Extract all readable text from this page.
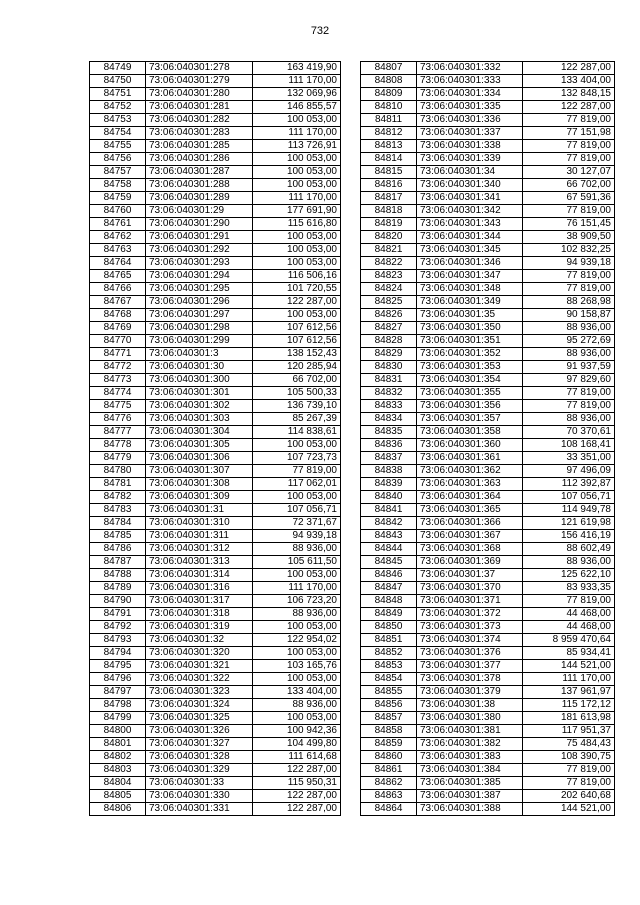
732
84749	73:06:040301:278	163 419,90
84750	73:06:040301:279	111 170,00
84751	73:06:040301:280	132 069,96
84752	73:06:040301:281	146 855,57
84753	73:06:040301:282	100 053,00
84754	73:06:040301:283	111 170,00
84755	73:06:040301:285	113 726,91
84756	73:06:040301:286	100 053,00
84757	73:06:040301:287	100 053,00
84758	73:06:040301:288	100 053,00
84759	73:06:040301:289	111 170,00
84760	73:06:040301:29	177 691,90
84761	73:06:040301:290	115 616,80
84762	73:06:040301:291	100 053,00
84763	73:06:040301:292	100 053,00
84764	73:06:040301:293	100 053,00
84765	73:06:040301:294	116 506,16
84766	73:06:040301:295	101 720,55
84767	73:06:040301:296	122 287,00
84768	73:06:040301:297	100 053,00
84769	73:06:040301:298	107 612,56
84770	73:06:040301:299	107 612,56
84771	73:06:040301:3	138 152,43
84772	73:06:040301:30	120 285,94
84773	73:06:040301:300	66 702,00
84774	73:06:040301:301	105 500,33
84775	73:06:040301:302	136 739,10
84776	73:06:040301:303	85 267,39
84777	73:06:040301:304	114 838,61
84778	73:06:040301:305	100 053,00
84779	73:06:040301:306	107 723,73
84780	73:06:040301:307	77 819,00
84781	73:06:040301:308	117 062,01
84782	73:06:040301:309	100 053,00
84783	73:06:040301:31	107 056,71
84784	73:06:040301:310	72 371,67
84785	73:06:040301:311	94 939,18
84786	73:06:040301:312	88 936,00
84787	73:06:040301:313	105 611,50
84788	73:06:040301:314	100 053,00
84789	73:06:040301:316	111 170,00
84790	73:06:040301:317	106 723,20
84791	73:06:040301:318	88 936,00
84792	73:06:040301:319	100 053,00
84793	73:06:040301:32	122 954,02
84794	73:06:040301:320	100 053,00
84795	73:06:040301:321	103 165,76
84796	73:06:040301:322	100 053,00
84797	73:06:040301:323	133 404,00
84798	73:06:040301:324	88 936,00
84799	73:06:040301:325	100 053,00
84800	73:06:040301:326	100 942,36
84801	73:06:040301:327	104 499,80
84802	73:06:040301:328	111 614,68
84803	73:06:040301:329	122 287,00
84804	73:06:040301:33	115 950,31
84805	73:06:040301:330	122 287,00
84806	73:06:040301:331	122 287,00
84807	73:06:040301:332	122 287,00
84808	73:06:040301:333	133 404,00
84809	73:06:040301:334	132 848,15
84810	73:06:040301:335	122 287,00
84811	73:06:040301:336	77 819,00
84812	73:06:040301:337	77 151,98
84813	73:06:040301:338	77 819,00
84814	73:06:040301:339	77 819,00
84815	73:06:040301:34	30 127,07
84816	73:06:040301:340	66 702,00
84817	73:06:040301:341	67 591,36
84818	73:06:040301:342	77 819,00
84819	73:06:040301:343	76 151,45
84820	73:06:040301:344	38 909,50
84821	73:06:040301:345	102 832,25
84822	73:06:040301:346	94 939,18
84823	73:06:040301:347	77 819,00
84824	73:06:040301:348	77 819,00
84825	73:06:040301:349	88 268,98
84826	73:06:040301:35	90 158,87
84827	73:06:040301:350	88 936,00
84828	73:06:040301:351	95 272,69
84829	73:06:040301:352	88 936,00
84830	73:06:040301:353	91 937,59
84831	73:06:040301:354	97 829,60
84832	73:06:040301:355	77 819,00
84833	73:06:040301:356	77 819,00
84834	73:06:040301:357	88 936,00
84835	73:06:040301:358	70 370,61
84836	73:06:040301:360	108 168,41
84837	73:06:040301:361	33 351,00
84838	73:06:040301:362	97 496,09
84839	73:06:040301:363	112 392,87
84840	73:06:040301:364	107 056,71
84841	73:06:040301:365	114 949,78
84842	73:06:040301:366	121 619,98
84843	73:06:040301:367	156 416,19
84844	73:06:040301:368	88 602,49
84845	73:06:040301:369	88 936,00
84846	73:06:040301:37	125 622,10
84847	73:06:040301:370	83 933,35
84848	73:06:040301:371	77 819,00
84849	73:06:040301:372	44 468,00
84850	73:06:040301:373	44 468,00
84851	73:06:040301:374	8 959 470,64
84852	73:06:040301:376	85 934,41
84853	73:06:040301:377	144 521,00
84854	73:06:040301:378	111 170,00
84855	73:06:040301:379	137 961,97
84856	73:06:040301:38	115 172,12
84857	73:06:040301:380	181 613,98
84858	73:06:040301:381	117 951,37
84859	73:06:040301:382	75 484,43
84860	73:06:040301:383	108 390,75
84861	73:06:040301:384	77 819,00
84862	73:06:040301:385	77 819,00
84863	73:06:040301:387	202 640,68
84864	73:06:040301:388	144 521,00
